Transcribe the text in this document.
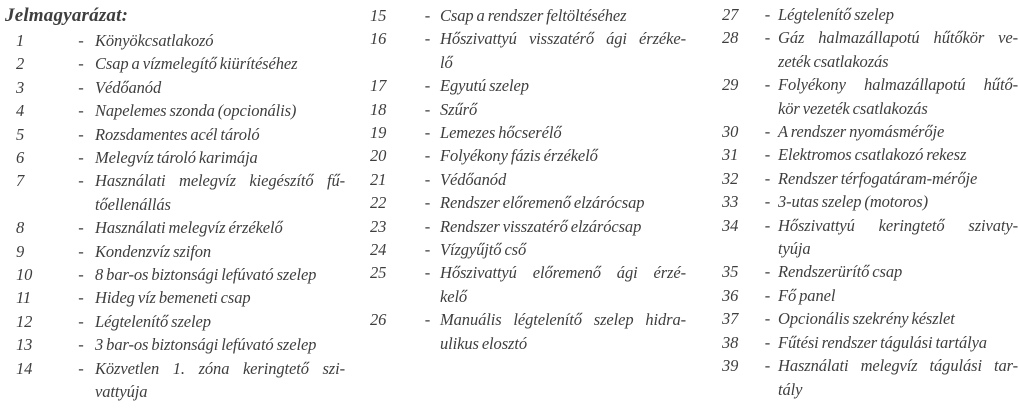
Jelmagyarázat:
1	- Könyökcsatlakozó
2	- Csap a vízmelegítő kiürítéséhez
3	- Védőanód
4	- Napelemes szonda (opcionális)
5	- Rozsdamentes acél tároló
6	- Melegvíz tároló karimája
7	- Használati melegvíz kiegészítő fű-
tőellenállás
8	- Használati melegvíz érzékelő
9	- Kondenzvíz szifon
10	- 8 bar-os biztonsági lefúvató szelep
11	- Hideg víz bemeneti csap
12	- Légtelenítő szelep
13	- 3 bar-os biztonsági lefúvató szelep
14	- Közvetlen 1. zóna keringtető szi-
vattyúja
15	- Csap a rendszer feltöltéséhez
16	- Hőszivattyú visszatérő ági érzéke-
lő
17	- Egyutú szelep
18	- Szűrő
19	- Lemezes hőcserélő
20	- Folyékony fázis érzékelő
21	- Védőanód
22	- Rendszer előremenő elzárócsap
23	- Rendszer visszatérő elzárócsap
24	- Vízgyűjtő cső
25	- Hőszivattyú előremenő ági érzé-
kelő
26	- Manuális légtelenítő szelep hidra-
ulikus elosztó
27	- Légtelenítő szelep
28	- Gáz halmazállapotú hűtőkör ve-
zeték csatlakozás
29	- Folyékony halmazállapotú hűtő-
kör vezeték csatlakozás
30	- A rendszer nyomásmérője
31	- Elektromos csatlakozó rekesz
32	- Rendszer térfogatáram-mérője
33	- 3-utas szelep (motoros)
34	- Hőszivattyú keringtető szivaty-
tyúja
35	- Rendszerürítő csap
36	- Fő panel
37	- Opcionális szekrény készlet
38	- Fűtési rendszer tágulási tartálya
39	- Használati melegvíz tágulási tar-
tály
